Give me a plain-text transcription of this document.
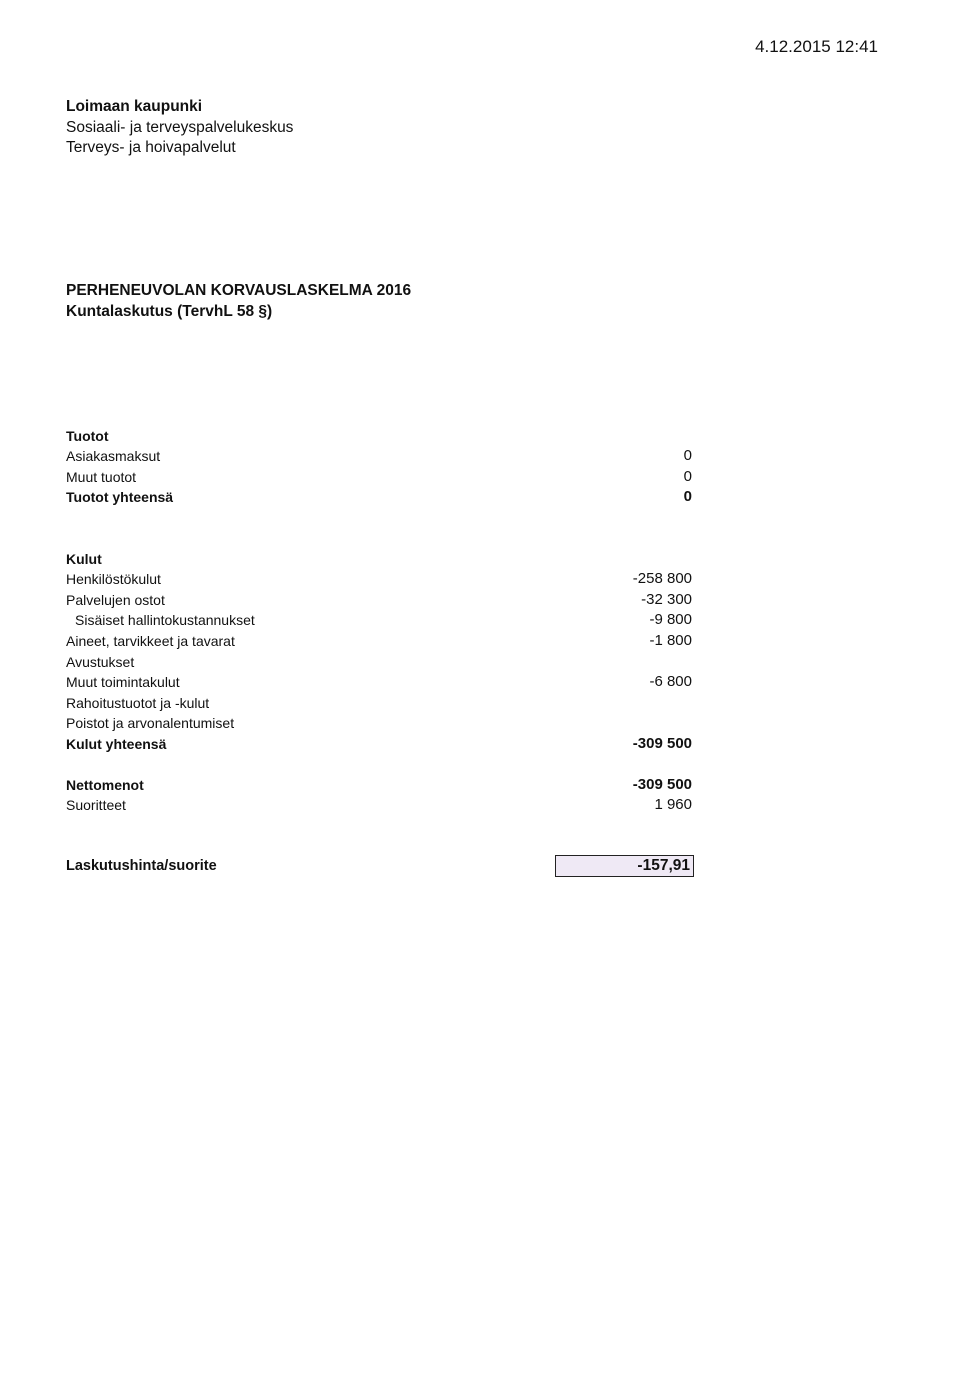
4.12.2015 12:41
Loimaan kaupunki
Sosiaali- ja terveyspalvelukeskus
Terveys- ja hoivapalvelut
PERHENEUVOLAN KORVAUSLASKELMA 2016
Kuntalaskutus (TervhL 58 §)
Tuotot
Asiakasmaksut	0
Muut tuotot	0
Tuotot yhteensä	0
Kulut
Henkilöstökulut	-258 800
Palvelujen ostot	-32 300
Sisäiset hallintokustannukset	-9 800
Aineet, tarvikkeet ja tavarat	-1 800
Avustukset
Muut toimintakulut	-6 800
Rahoitustuotot ja -kulut
Poistot ja arvonalentumiset
Kulut yhteensä	-309 500
Nettomenot	-309 500
Suoritteet	1 960
Laskutushinta/suorite	-157,91
